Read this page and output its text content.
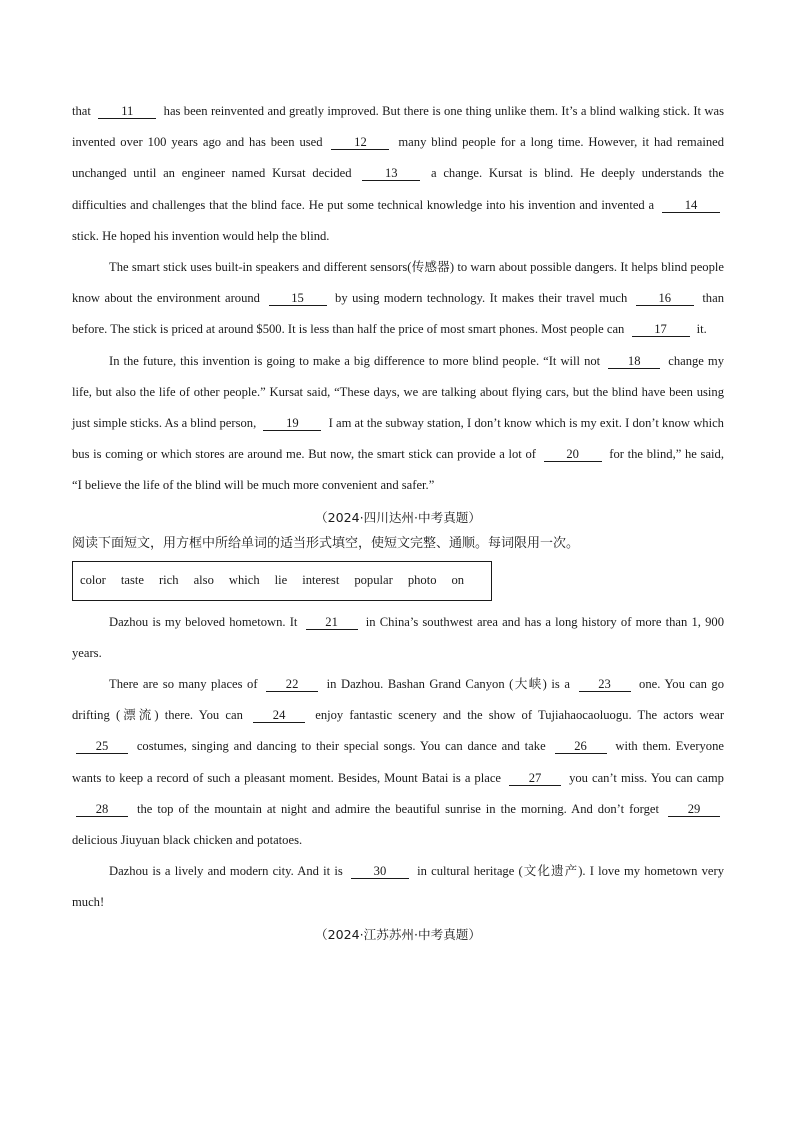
that 11 has been reinvented and greatly improved. But there is one thing unlike them. It’s a blind walking stick. It was invented over 100 years ago and has been used	12	many blind people for a long time. However, it had remained unchanged until an engineer named Kursat decided	13	a change. Kursat is blind. He deeply understands the difficulties and challenges that the blind face. He put some technical knowledge into his invention and invented a 14 stick. He hoped his invention would help the blind.

The smart stick uses built-in speakers and different sensors(传感器) to warn about possible dangers. It helps blind people know about the environment around 15 by using modern technology. It makes their travel much 16 than before. The stick is priced at around $500. It is less than half the price of most smart phones. Most people can 17 it.

In the future, this invention is going to make a big difference to more blind people. “It will not 18 change my life, but also the life of other people.” Kursat said, “These days, we are talking about flying cars, but the blind have been using just simple sticks. As a blind person, 19 I am at the subway station, I don’t know which is my exit. I don’t know which bus is coming or which stores are around me. But now, the smart stick can provide a lot of 20 for the blind,” he said, “I believe the life of the blind will be much more convenient and safer.”

（2024·四川达州·中考真题）

阅读下面短文，用方框中所给单词的适当形式填空，使短文完整、通顺。每词限用一次。

color taste rich also which lie interest popular photo on

Dazhou is my beloved hometown. It 21 in China’s southwest area and has a long history of more than 1, 900 years.

There are so many places of 22 in Dazhou. Bashan Grand Canyon (大峡) is a 23 one. You can go drifting (漂流) there. You can 24 enjoy fantastic scenery and the show of Tujiahaocaoluogu. The actors wear 25 costumes, singing and dancing to their special songs. You can dance and take 26 with them. Everyone wants to keep a record of such a pleasant moment. Besides, Mount Batai is a place 27 you can’t miss. You can camp 28 the top of the mountain at night and admire the beautiful sunrise in the morning. And don’t forget 29 delicious Jiuyuan black chicken and potatoes.

Dazhou is a lively and modern city. And it is 30 in cultural heritage (文化遗产). I love my hometown very much!

（2024·江苏苏州·中考真题）
